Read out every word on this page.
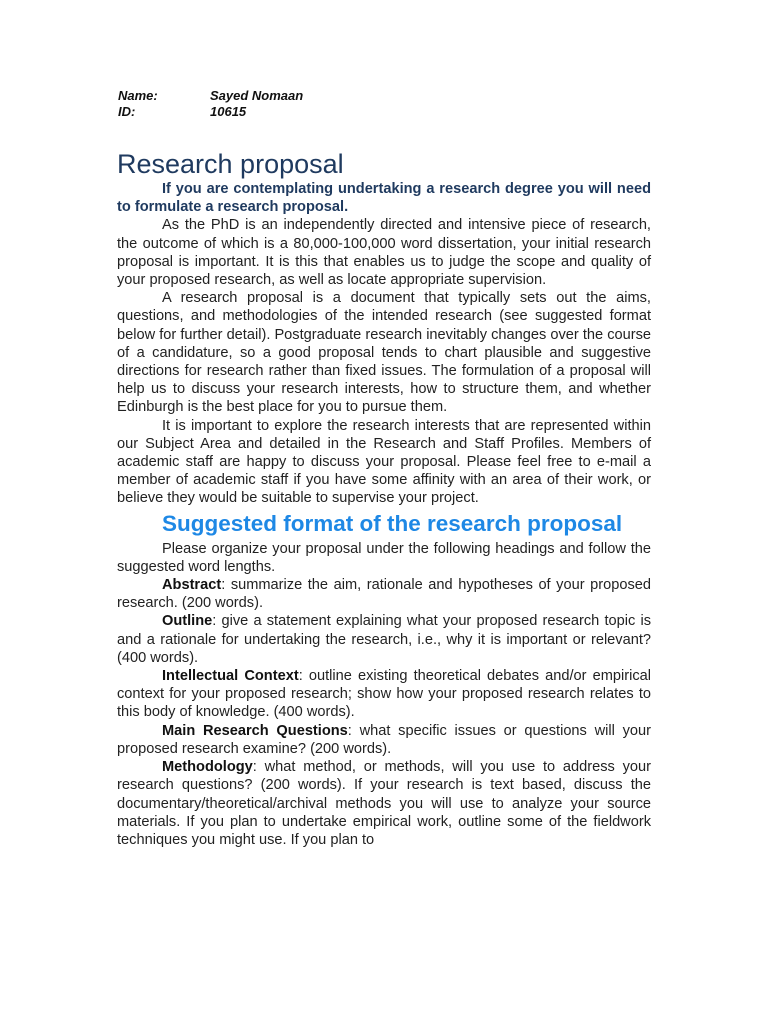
Name:	Sayed Nomaan
ID:	10615
Research proposal

If you are contemplating undertaking a research degree you will need to formulate a research proposal.

As the PhD is an independently directed and intensive piece of research, the outcome of which is a 80,000-100,000 word dissertation, your initial research proposal is important. It is this that enables us to judge the scope and quality of your proposed research, as well as locate appropriate supervision.

A research proposal is a document that typically sets out the aims, questions, and methodologies of the intended research (see suggested format below for further detail). Postgraduate research inevitably changes over the course of a candidature, so a good proposal tends to chart plausible and suggestive directions for research rather than fixed issues. The formulation of a proposal will help us to discuss your research interests, how to structure them, and whether Edinburgh is the best place for you to pursue them.

It is important to explore the research interests that are represented within our Subject Area and detailed in the Research and Staff Profiles. Members of academic staff are happy to discuss your proposal. Please feel free to e-mail a member of academic staff if you have some affinity with an area of their work, or believe they would be suitable to supervise your project.

Suggested format of the research proposal

Please organize your proposal under the following headings and follow the suggested word lengths.

Abstract: summarize the aim, rationale and hypotheses of your proposed research. (200 words).

Outline: give a statement explaining what your proposed research topic is and a rationale for undertaking the research, i.e., why it is important or relevant? (400 words).

Intellectual Context: outline existing theoretical debates and/or empirical context for your proposed research; show how your proposed research relates to this body of knowledge. (400 words).

Main Research Questions: what specific issues or questions will your proposed research examine? (200 words).

Methodology: what method, or methods, will you use to address your research questions? (200 words). If your research is text based, discuss the documentary/theoretical/archival methods you will use to analyze your source materials. If you plan to undertake empirical work, outline some of the fieldwork techniques you might use. If you plan to
